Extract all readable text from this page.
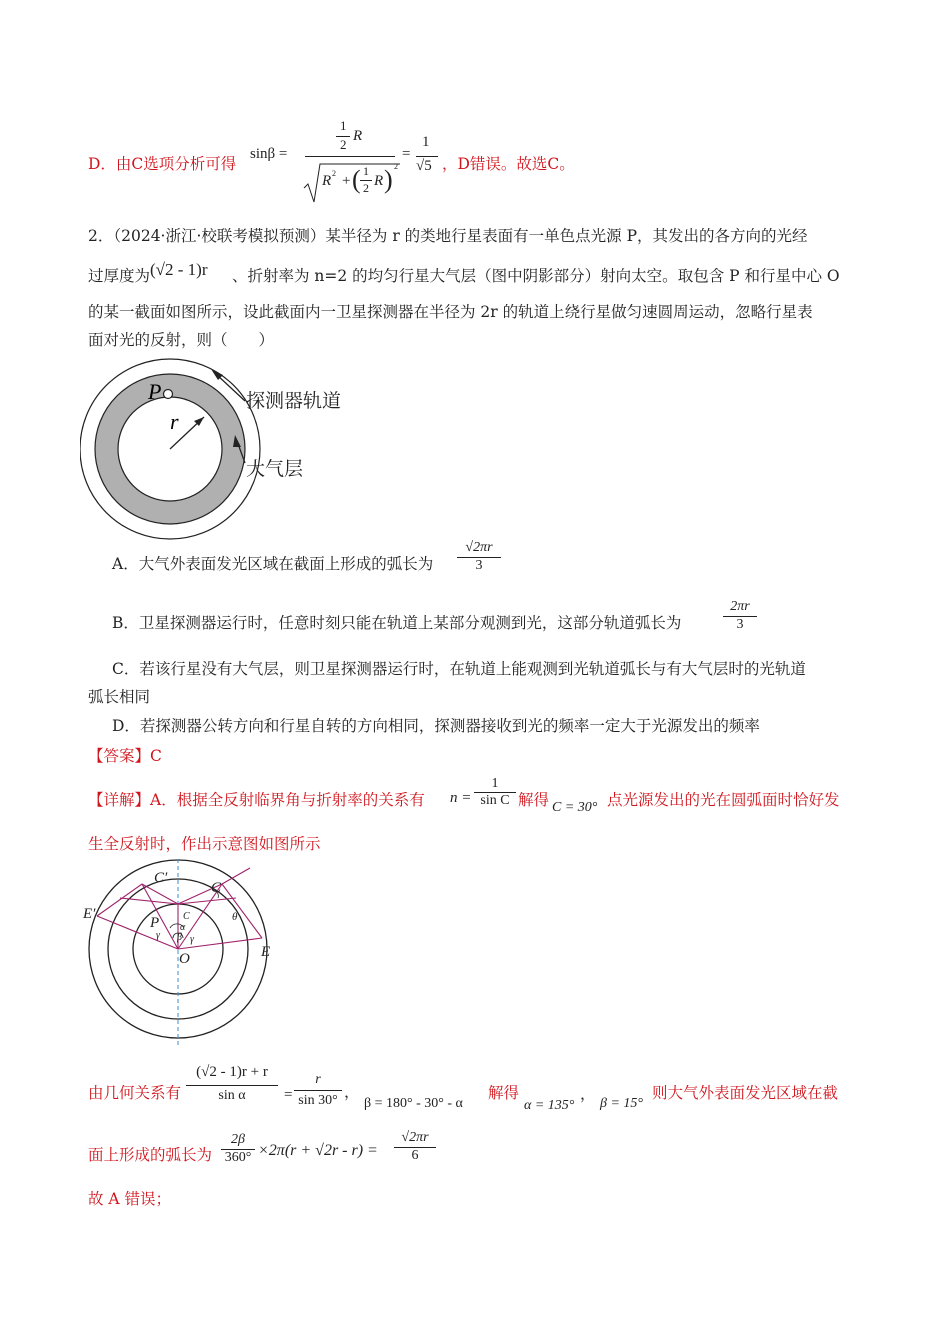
D．由C选项分析可得
sinβ =
1
2
R
R 2 + ( 1
2 R ) 2
=
1
√5 ，D错误。故选C。
2．（2024·浙江·校联考模拟预测）某半径为 r 的类地行星表面有一单色点光源 P，其发出的各方向的光经
过厚度为 (√2 - 1)r 、折射率为 n=2 的均匀行星大气层（图中阴影部分）射向太空。取包含 P 和行星中心 O
的某一截面如图所示，设此截面内一卫星探测器在半径为 2r 的轨道上绕行星做匀速圆周运动，忽略行星表
面对光的反射，则（　　）
P
r
探测器轨道
大气层
A．大气外表面发光区域在截面上形成的弧长为
√2πr
3
B．卫星探测器运行时，任意时刻只能在轨道上某部分观测到光，这部分轨道弧长为
2πr
3
C．若该行星没有大气层，则卫星探测器运行时，在轨道上能观测到光轨道弧长与有大气层时的光轨道
弧长相同
D．若探测器公转方向和行星自转的方向相同，探测器接收到光的频率一定大于光源发出的频率
【答案】C
【详解】A．根据全反射临界角与折射率的关系有 n =
1
sin C 解得 C = 30° 点光源发出的光在圆弧面时恰好发
生全反射时，作出示意图如图所示
C′
C
E′
E
P
O
γ	γ
β
α
C	θ
由几何关系有
(√2 - 1)r + r
sin α	=
r
sin 30° ，
β = 180° - 30° - α
解得
α = 135°
，
β = 15°
则大气外表面发光区域在截
面上形成的弧长为
2β
360° ×2π(r + √2r - r) =
√2πr
6
故 A 错误；
